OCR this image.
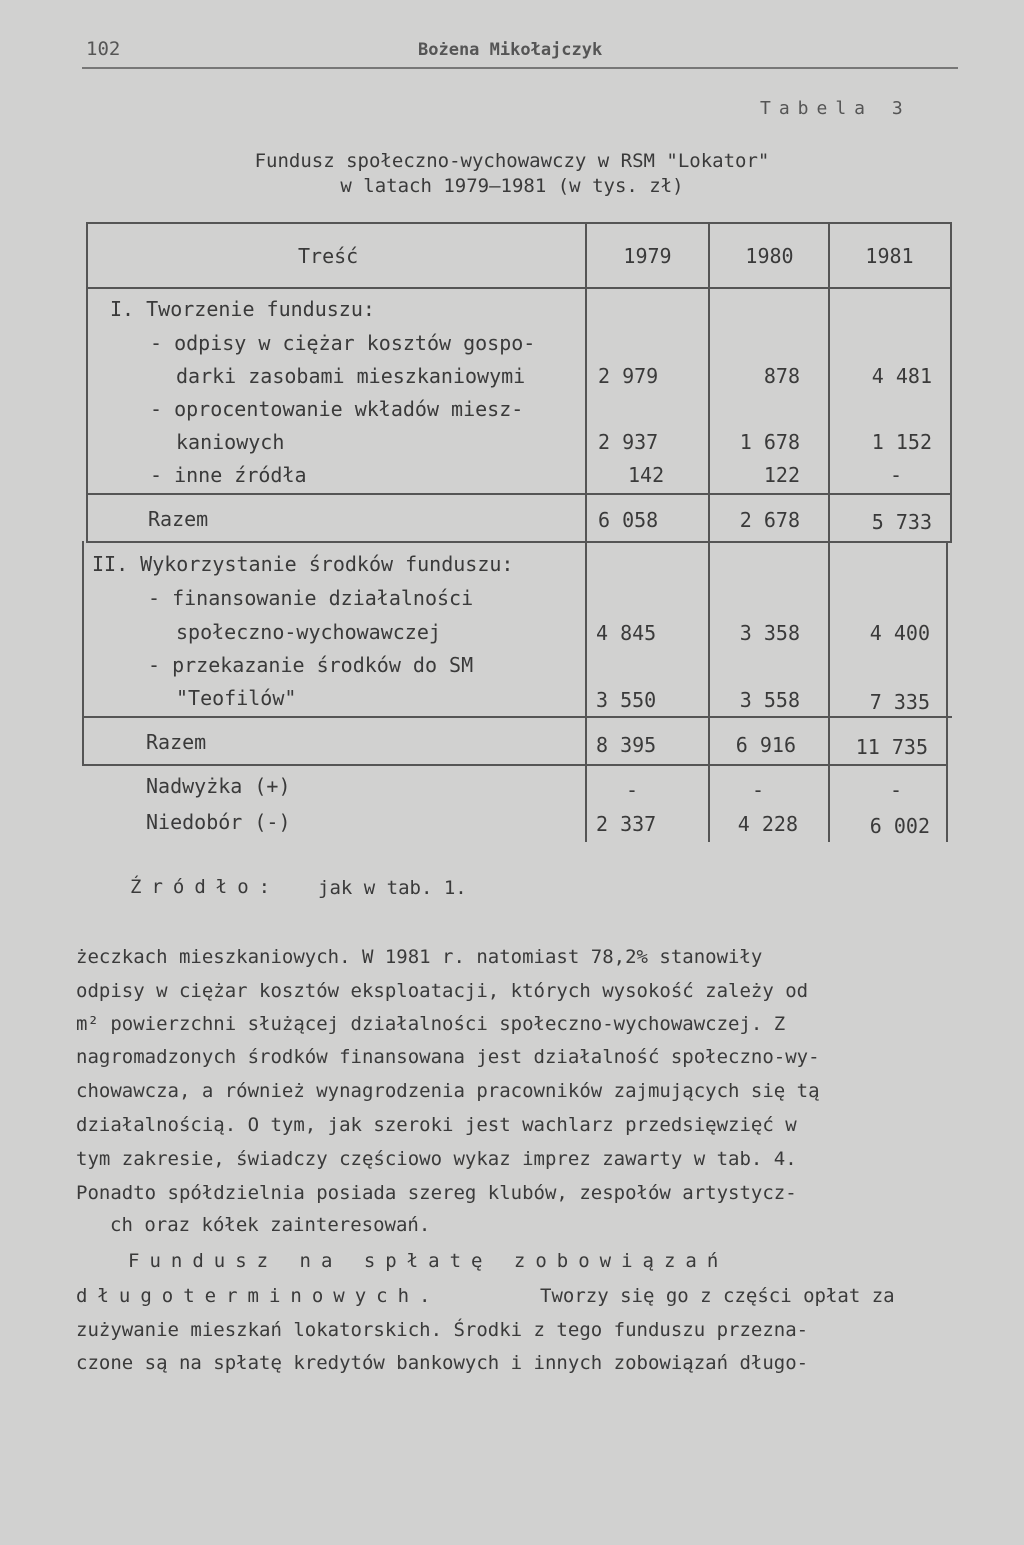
102	Bożena Mikołajczyk
Tabela 3
Fundusz społeczno-wychowawczy w RSM "Lokator"
w latach 1979–1981 (w tys. zł)
Treść	1979	1980	1981
I. Tworzenie funduszu:
- odpisy w ciężar kosztów gospo-
darki zasobami mieszkaniowymi	2 979	878	4 481
- oprocentowanie wkładów miesz-
kaniowych	2 937	1 678	1 152
- inne źródła	142	122	-
Razem	6 058	2 678	5 733
II. Wykorzystanie środków funduszu:
- finansowanie działalności
społeczno-wychowawczej	4 845	3 358	4 400
- przekazanie środków do SM
"Teofilów"	3 550	3 558	7 335
Razem	8 395	6 916	11 735
Nadwyżka (+)	-	-	-
Niedobór (-)	2 337	4 228	6 002
Źródło: jak w tab. 1.
żeczkach mieszkaniowych. W 1981 r. natomiast 78,2% stanowiły
odpisy w ciężar kosztów eksploatacji, których wysokość zależy od
m² powierzchni służącej działalności społeczno-wychowawczej. Z
nagromadzonych środków finansowana jest działalność społeczno-wy-
chowawcza, a również wynagrodzenia pracowników zajmujących się tą
działalnością. O tym, jak szeroki jest wachlarz przedsięwzięć w
tym zakresie, świadczy częściowo wykaz imprez zawarty w tab. 4.
Ponadto spółdzielnia posiada szereg klubów, zespołów artystycz-
ch oraz kółek zainteresowań.
Fundusz na spłatę zobowiązań
długoterminowych.	Tworzy się go z części opłat za
zużywanie mieszkań lokatorskich. Środki z tego funduszu przezna-
czone są na spłatę kredytów bankowych i innych zobowiązań długo-
